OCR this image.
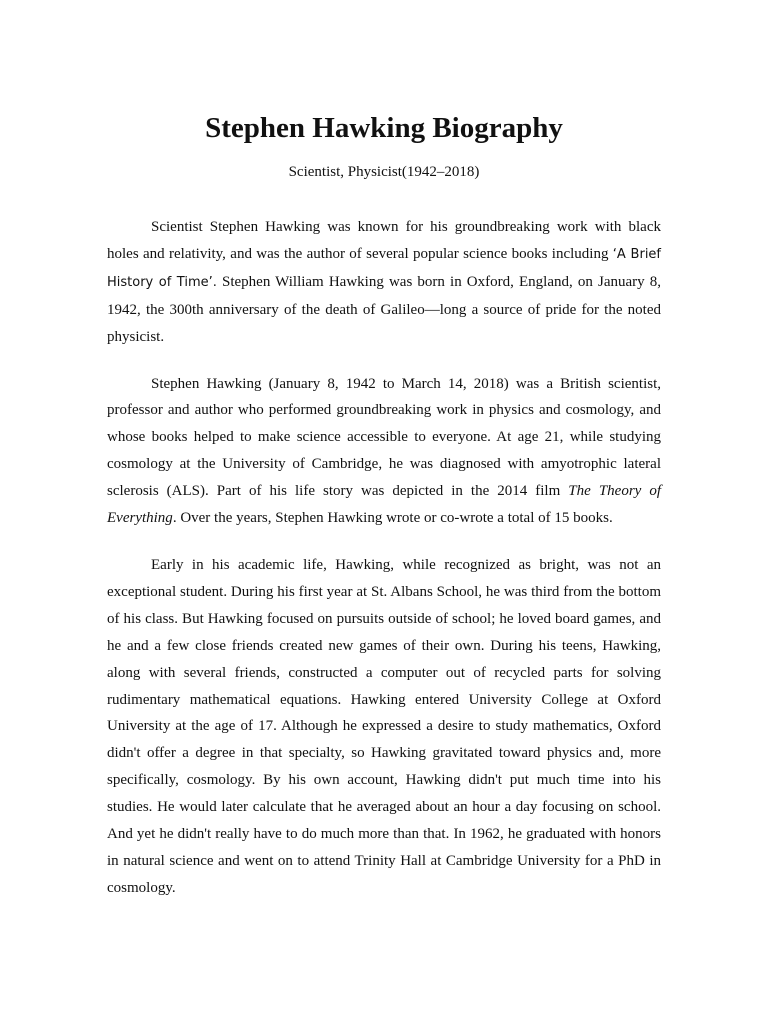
Stephen Hawking Biography
Scientist, Physicist(1942–2018)

Scientist Stephen Hawking was known for his groundbreaking work with black holes and relativity, and was the author of several popular science books including ‘A Brief History of Time’. Stephen William Hawking was born in Oxford, England, on January 8, 1942, the 300th anniversary of the death of Galileo—long a source of pride for the noted physicist.

Stephen Hawking (January 8, 1942 to March 14, 2018) was a British scientist, professor and author who performed groundbreaking work in physics and cosmology, and whose books helped to make science accessible to everyone. At age 21, while studying cosmology at the University of Cambridge, he was diagnosed with amyotrophic lateral sclerosis (ALS). Part of his life story was depicted in the 2014 film The Theory of Everything. Over the years, Stephen Hawking wrote or co-wrote a total of 15 books.

Early in his academic life, Hawking, while recognized as bright, was not an exceptional student. During his first year at St. Albans School, he was third from the bottom of his class. But Hawking focused on pursuits outside of school; he loved board games, and he and a few close friends created new games of their own. During his teens, Hawking, along with several friends, constructed a computer out of recycled parts for solving rudimentary mathematical equations. Hawking entered University College at Oxford University at the age of 17. Although he expressed a desire to study mathematics, Oxford didn't offer a degree in that specialty, so Hawking gravitated toward physics and, more specifically, cosmology. By his own account, Hawking didn't put much time into his studies. He would later calculate that he averaged about an hour a day focusing on school. And yet he didn't really have to do much more than that. In 1962, he graduated with honors in natural science and went on to attend Trinity Hall at Cambridge University for a PhD in cosmology.
